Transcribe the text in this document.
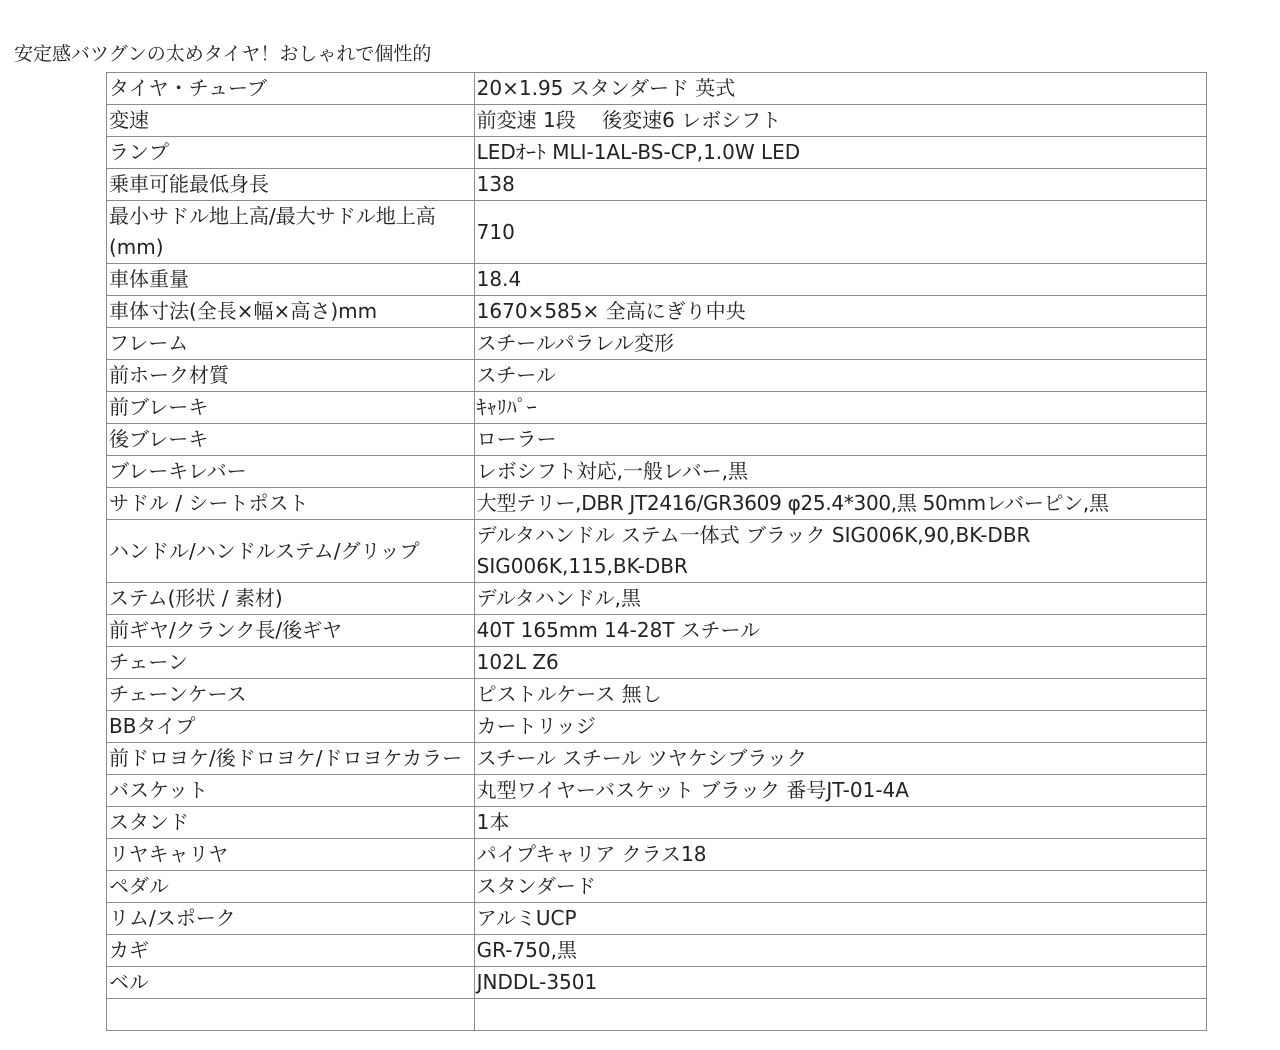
安定感バツグンの太めタイヤ！おしゃれで個性的
タイヤ・チューブ	20×1.95 スタンダード 英式
変速	前変速 1段　 後変速6 レボシフト
ランプ	LEDｵｰﾄ MLI-1AL-BS-CP,1.0W LED
乗車可能最低身長	138
最小サドル地上高/最大サドル地上高(mm)	710
車体重量	18.4
車体寸法(全長×幅×高さ)mm	1670×585× 全高にぎり中央
フレーム	スチールパラレル変形
前ホーク材質	スチール
前ブレーキ	ｷｬﾘﾊﾟｰ
後ブレーキ	ローラー
ブレーキレバー	レボシフト対応,一般レバー,黒
サドル / シートポスト	大型テリー,DBR JT2416/GR3609 φ25.4*300,黒 50mmレバーピン,黒
ハンドル/ハンドルステム/グリップ	デルタハンドル ステム一体式 ブラック SIG006K,90,BK-DBR SIG006K,115,BK-DBR
ステム(形状 / 素材)	デルタハンドル,黒
前ギヤ/クランク長/後ギヤ	40T 165mm 14-28T スチール
チェーン	102L Z6
チェーンケース	ピストルケース 無し
BBタイプ	カートリッジ
前ドロヨケ/後ドロヨケ/ドロヨケカラー	スチール スチール ツヤケシブラック
バスケット	丸型ワイヤーバスケット ブラック 番号JT-01-4A
スタンド	1本
リヤキャリヤ	パイプキャリア クラス18
ペダル	スタンダード
リム/スポーク	アルミUCP
カギ	GR-750,黒
ベル	JNDDL-3501
